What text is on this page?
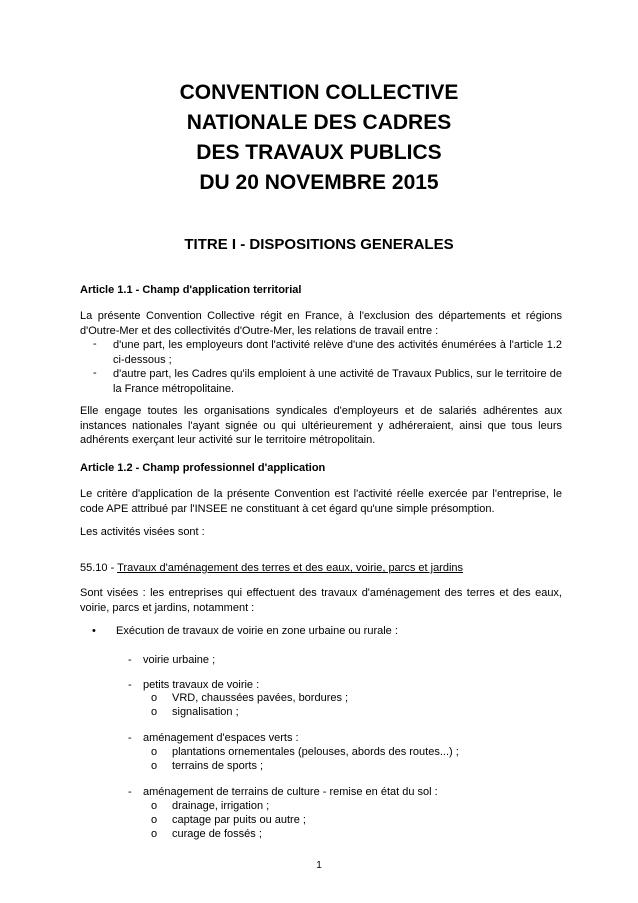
CONVENTION COLLECTIVE
NATIONALE DES CADRES
DES TRAVAUX PUBLICS
DU 20 NOVEMBRE 2015
TITRE I - DISPOSITIONS GENERALES
Article 1.1 - Champ d'application territorial
La présente Convention Collective régit en France, à l'exclusion des départements et régions d'Outre-Mer et des collectivités d'Outre-Mer, les relations de travail entre :
- d'une part, les employeurs dont l'activité relève d'une des activités énumérées à l'article 1.2 ci-dessous ;
- d'autre part, les Cadres qu'ils emploient à une activité de Travaux Publics, sur le territoire de la France métropolitaine.
Elle engage toutes les organisations syndicales d'employeurs et de salariés adhérentes aux instances nationales l'ayant signée ou qui ultérieurement y adhéreraient, ainsi que tous leurs adhérents exerçant leur activité sur le territoire métropolitain.
Article 1.2 - Champ professionnel d'application
Le critère d'application de la présente Convention est l'activité réelle exercée par l'entreprise, le code APE attribué par l'INSEE ne constituant à cet égard qu'une simple présomption.
Les activités visées sont :
55.10 - Travaux d'aménagement des terres et des eaux, voirie, parcs et jardins
Sont visées : les entreprises qui effectuent des travaux d'aménagement des terres et des eaux, voirie, parcs et jardins, notamment :
• Exécution de travaux de voirie en zone urbaine ou rurale :
- voirie urbaine ;
- petits travaux de voirie :
o VRD, chaussées pavées, bordures ;
o signalisation ;
- aménagement d'espaces verts :
o plantations ornementales (pelouses, abords des routes...) ;
o terrains de sports ;
- aménagement de terrains de culture - remise en état du sol :
o drainage, irrigation ;
o captage par puits ou autre ;
o curage de fossés ;
1
